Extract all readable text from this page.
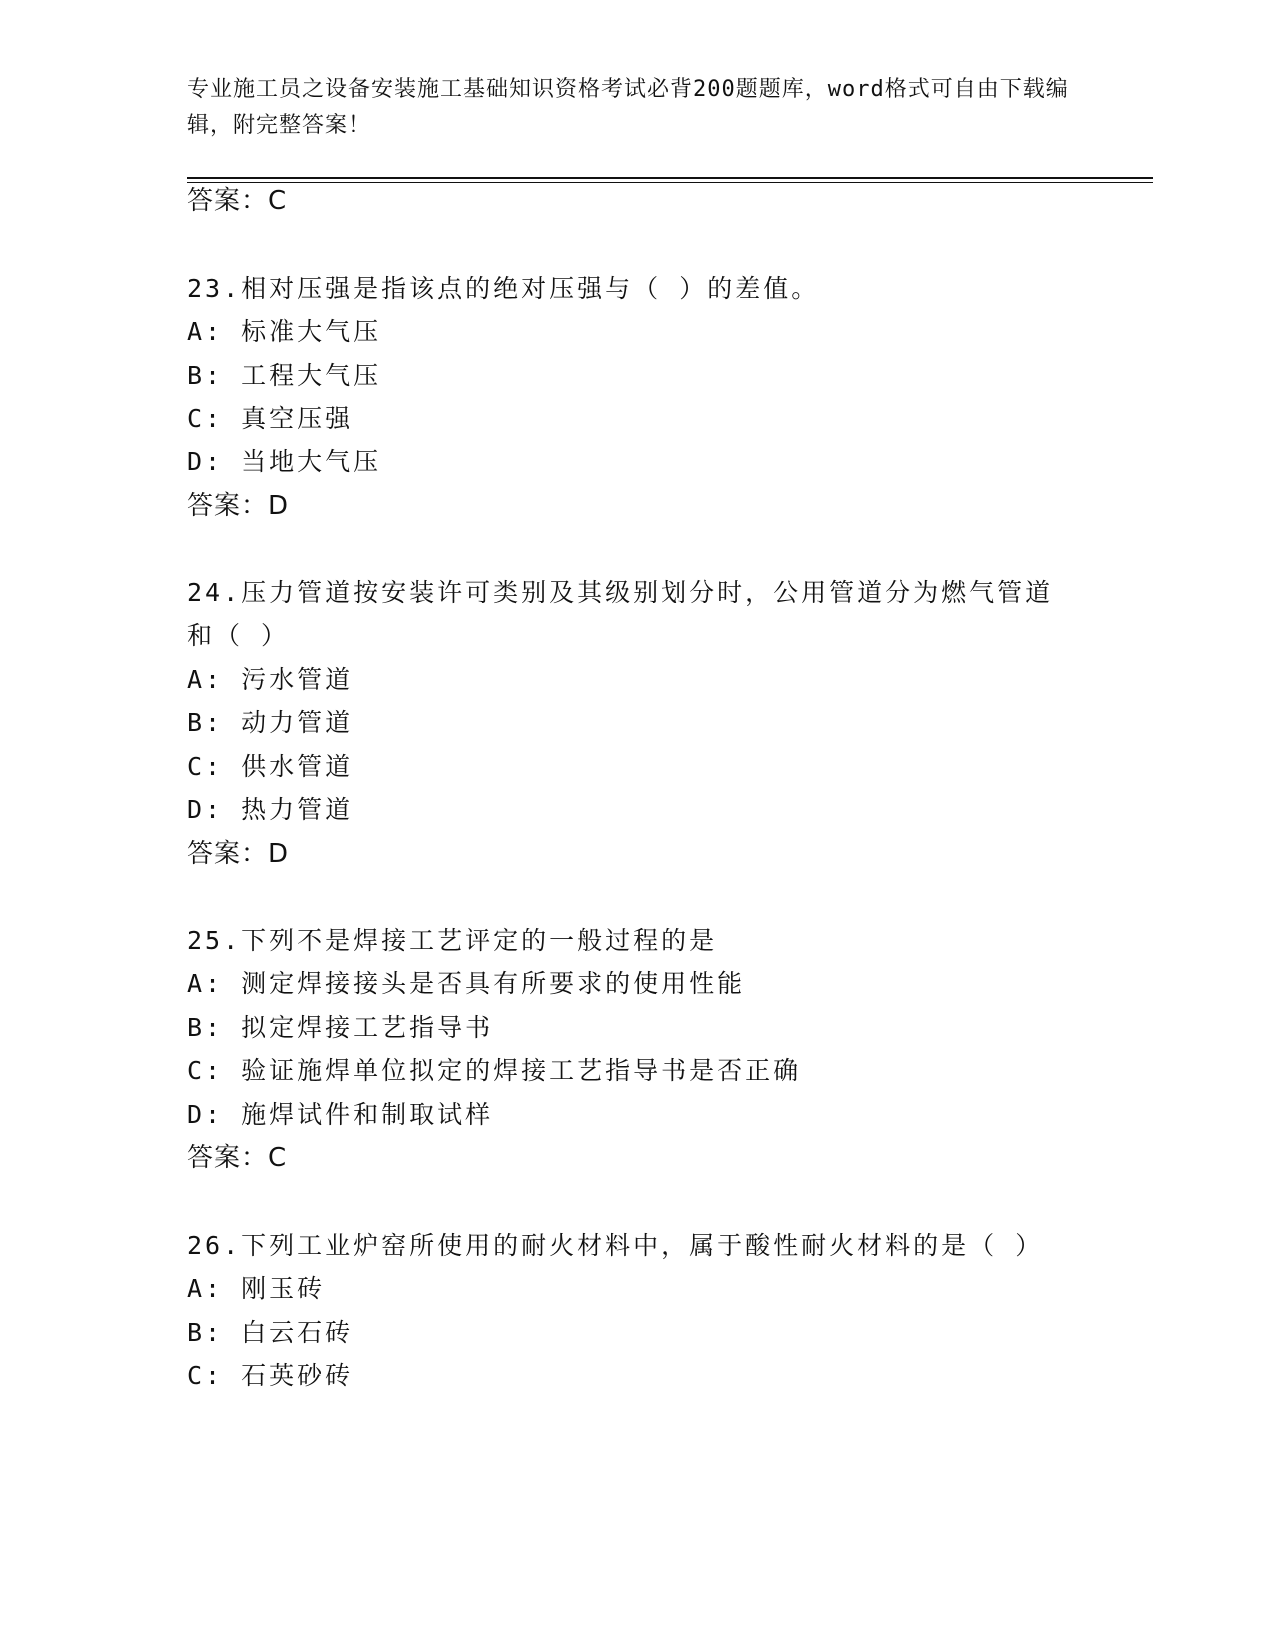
专业施工员之设备安装施工基础知识资格考试必背200题题库，word格式可自由下载编辑，附完整答案！
答案：C
23.相对压强是指该点的绝对压强与（ ）的差值。
A: 标准大气压
B: 工程大气压
C: 真空压强
D: 当地大气压
答案：D
24.压力管道按安装许可类别及其级别划分时，公用管道分为燃气管道
和（ ）
A: 污水管道
B: 动力管道
C: 供水管道
D: 热力管道
答案：D
25.下列不是焊接工艺评定的一般过程的是
A: 测定焊接接头是否具有所要求的使用性能
B: 拟定焊接工艺指导书
C: 验证施焊单位拟定的焊接工艺指导书是否正确
D: 施焊试件和制取试样
答案：C
26.下列工业炉窑所使用的耐火材料中，属于酸性耐火材料的是（ ）
A: 刚玉砖
B: 白云石砖
C: 石英砂砖
